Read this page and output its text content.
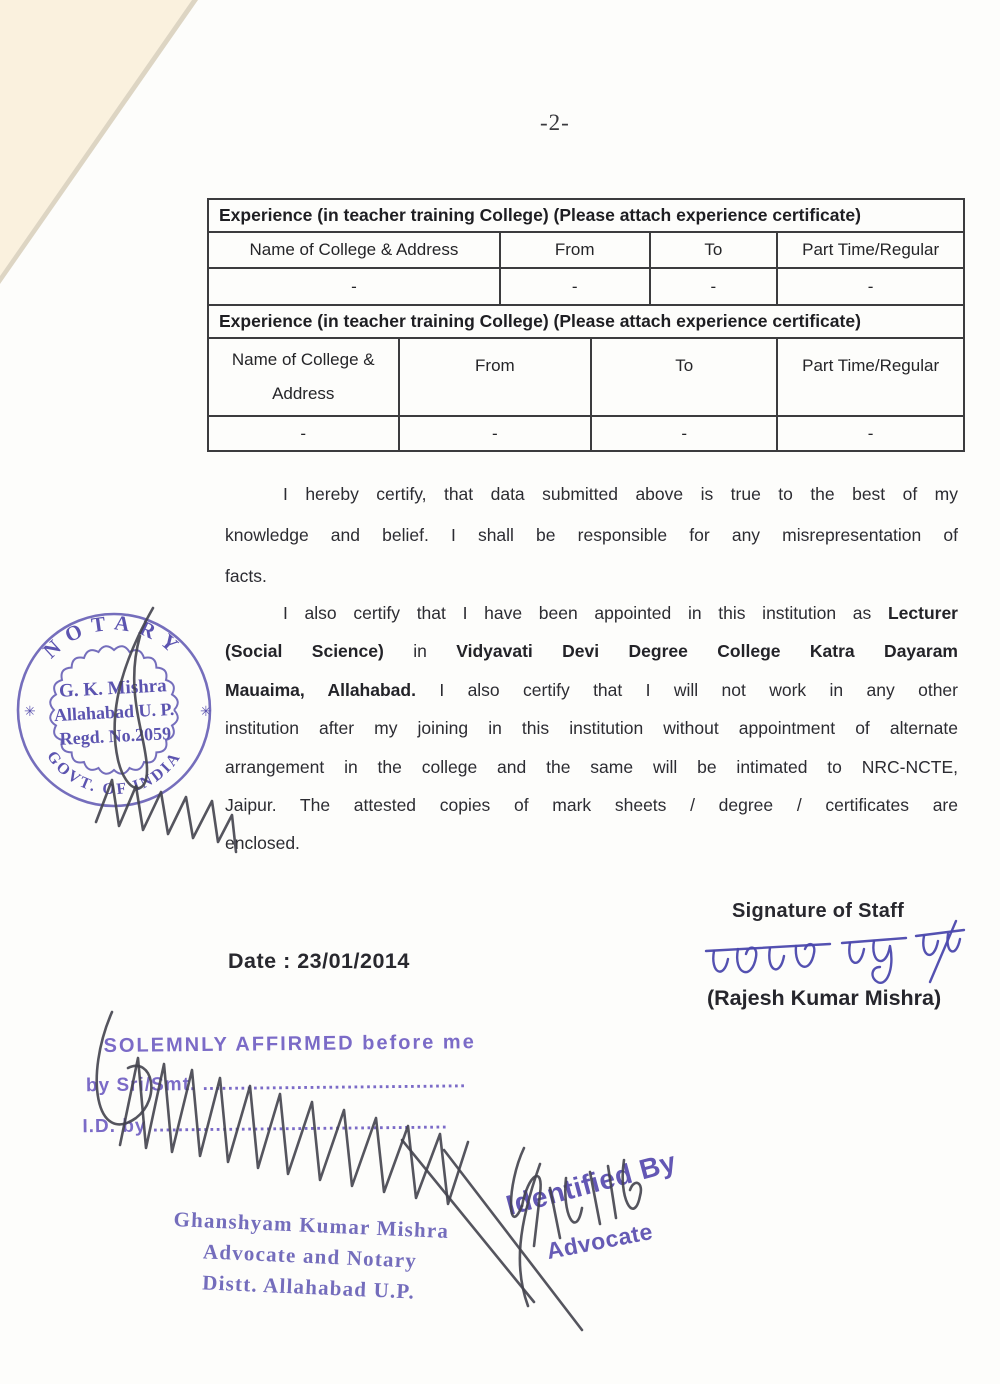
-2-
Experience (in teacher training College) (Please attach experience certificate)			
Name of College & Address	From	To	Part Time/Regular
-	-	-	-
Experience (in teacher training College) (Please attach experience certificate)			
Name of College & Address	From	To	Part Time/Regular
-	-	-	-
I hereby certify, that data submitted above is true to the best of my
knowledge and belief. I shall be responsible for any misrepresentation of
facts.
I also certify that I have been appointed in this institution as Lecturer
(Social Science) in Vidyavati Devi Degree College Katra Dayaram
Mauaima, Allahabad. I also certify that I will not work in any other
institution after my joining in this institution without appointment of alternate
arrangement in the college and the same will be intimated to NRC-NCTE,
Jaipur. The attested copies of mark sheets / degree / certificates are
enclosed.
Signature of Staff
(Rajesh Kumar Mishra)
Date : 23/01/2014
NOTARY
GOVT. OF INDIA
✳	✳
G. K. Mishra
Allahabad U. P.
Regd. No.2059
SOLEMNLY AFFIRMED before me
by Sri/Smt. ..........................................
I.D. by ...............................................
Ghanshyam Kumar Mishra
Advocate and Notary
Distt. Allahabad U.P.
Identified By
Advocate
